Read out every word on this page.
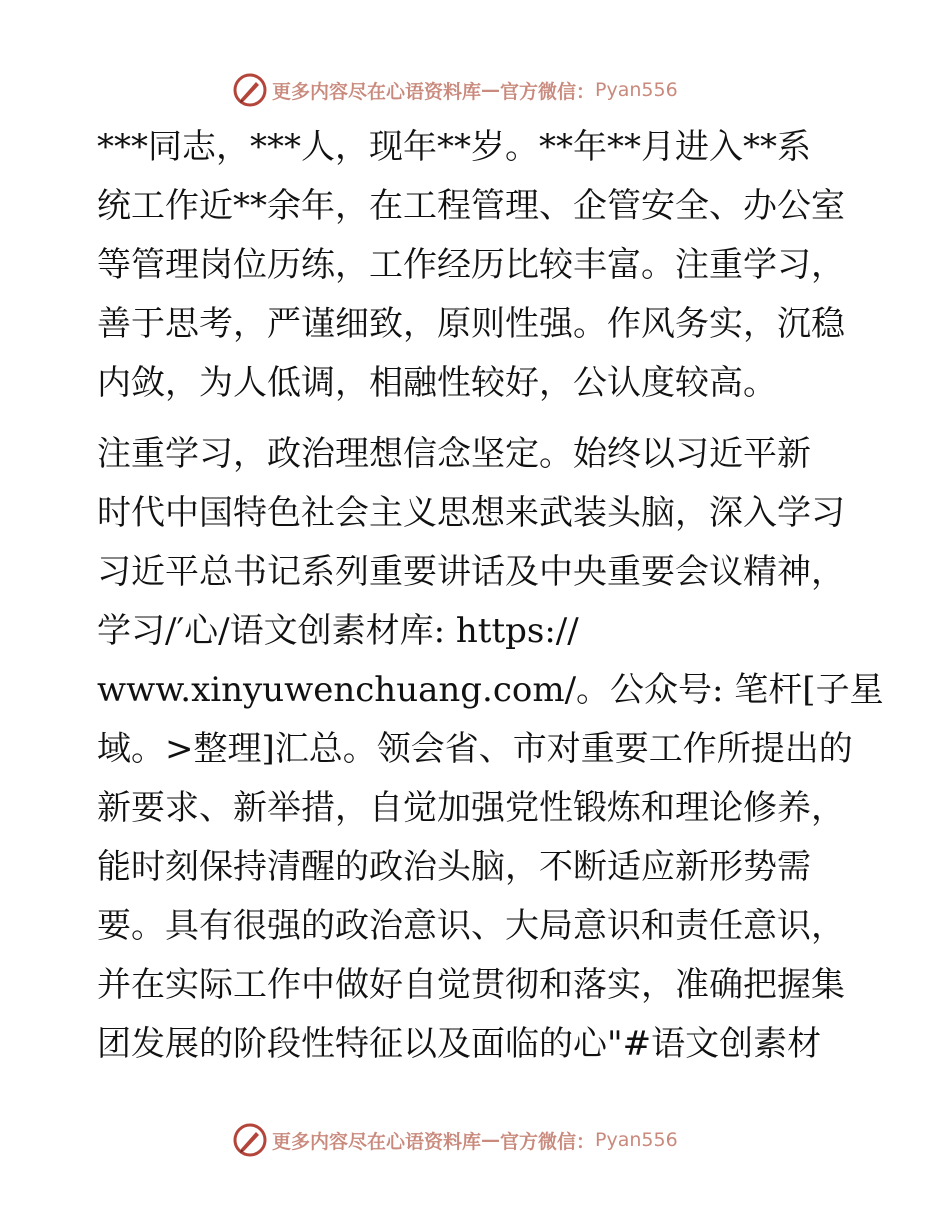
更多内容尽在心语资料库 — 官方微信： Pyan556
***同志，***人，现年**岁。**年**月进入**系
统工作近**余年，在工程管理、企管安全、办公室
等管理岗位历练，工作经历比较丰富。注重学习，
善于思考，严谨细致，原则性强。作风务实，沉稳
内敛，为人低调，相融性较好，公认度较高。
注重学习，政治理想信念坚定。始终以习近平新
时代中国特色社会主义思想来武装头脑，深入学习
习近平总书记系列重要讲话及中央重要会议精神，
学习/′心/语文创素材库: https://
www.xinyuwenchuang.com/。公众号: 笔杆[子星
域。>整理]汇总。领会省、市对重要工作所提出的
新要求、新举措，自觉加强党性锻炼和理论修养，
能时刻保持清醒的政治头脑，不断适应新形势需
要。具有很强的政治意识、大局意识和责任意识，
并在实际工作中做好自觉贯彻和落实，准确把握集
团发展的阶段性特征以及面临的心"#语文创素材
更多内容尽在心语资料库 — 官方微信： Pyan556
